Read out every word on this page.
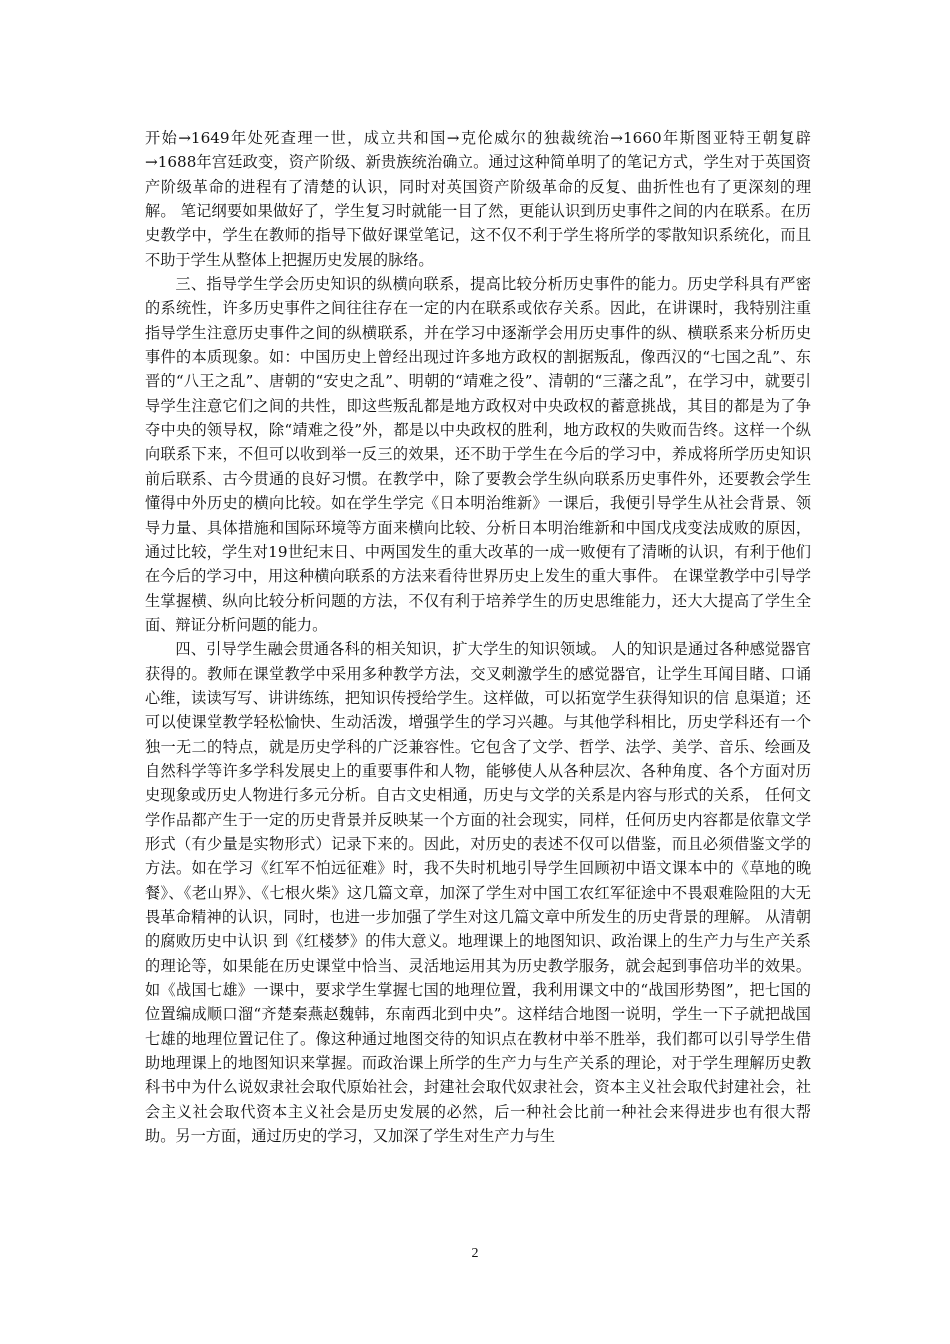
开始→1649年处死查理一世，成立共和国→克伦威尔的独裁统治→1660年斯图亚特王朝复辟→1688年宫廷政变，资产阶级、新贵族统治确立。通过这种简单明了的笔记方式，学生对于英国资产阶级革命的进程有了清楚的认识，同时对英国资产阶级革命的反复、曲折性也有了更深刻的理解。 笔记纲要如果做好了，学生复习时就能一目了然，更能认识到历史事件之间的内在联系。在历史教学中，学生在教师的指导下做好课堂笔记，这不仅不利于学生将所学的零散知识系统化，而且不助于学生从整体上把握历史发展的脉络。

三、指导学生学会历史知识的纵横向联系，提高比较分析历史事件的能力。历史学科具有严密的系统性，许多历史事件之间往往存在一定的内在联系或依存关系。因此，在讲课时，我特别注重指导学生注意历史事件之间的纵横联系，并在学习中逐渐学会用历史事件的纵、横联系来分析历史事件的本质现象。如：中国历史上曾经出现过许多地方政权的割据叛乱，像西汉的“七国之乱”、东晋的“八王之乱”、唐朝的“安史之乱”、明朝的“靖难之役”、清朝的“三藩之乱”，在学习中，就要引导学生注意它们之间的共性，即这些叛乱都是地方政权对中央政权的蓄意挑战，其目的都是为了争夺中央的领导权，除“靖难之役”外，都是以中央政权的胜利，地方政权的失败而告终。这样一个纵向联系下来，不但可以收到举一反三的效果，还不助于学生在今后的学习中，养成将所学历史知识前后联系、古今贯通的良好习惯。在教学中，除了要教会学生纵向联系历史事件外，还要教会学生懂得中外历史的横向比较。如在学生学完《日本明治维新》一课后，我便引导学生从社会背景、领导力量、具体措施和国际环境等方面来横向比较、分析日本明治维新和中国戊戌变法成败的原因，通过比较，学生对19世纪末日、中两国发生的重大改革的一成一败便有了清晰的认识，有利于他们在今后的学习中，用这种横向联系的方法来看待世界历史上发生的重大事件。 在课堂教学中引导学生掌握横、纵向比较分析问题的方法，不仅有利于培养学生的历史思维能力，还大大提高了学生全面、辩证分析问题的能力。

四、引导学生融会贯通各科的相关知识，扩大学生的知识领域。 人的知识是通过各种感觉器官获得的。教师在课堂教学中采用多种教学方法，交叉刺激学生的感觉器官，让学生耳闻目睹、口诵心维，读读写写、讲讲练练，把知识传授给学生。这样做，可以拓宽学生获得知识的信 息渠道；还可以使课堂教学轻松愉快、生动活泼，增强学生的学习兴趣。与其他学科相比，历史学科还有一个独一无二的特点，就是历史学科的广泛兼容性。它包含了文学、哲学、法学、美学、音乐、绘画及自然科学等许多学科发展史上的重要事件和人物，能够使人从各种层次、各种角度、各个方面对历史现象或历史人物进行多元分析。自古文史相通，历史与文学的关系是内容与形式的关系， 任何文学作品都产生于一定的历史背景并反映某一个方面的社会现实，同样，任何历史内容都是依靠文学形式（有少量是实物形式）记录下来的。因此，对历史的表述不仅可以借鉴，而且必须借鉴文学的方法。如在学习《红军不怕远征难》时，我不失时机地引导学生回顾初中语文课本中的《草地的晚餐》、《老山界》、《七根火柴》这几篇文章，加深了学生对中国工农红军征途中不畏艰难险阻的大无畏革命精神的认识，同时，也进一步加强了学生对这几篇文章中所发生的历史背景的理解。 从清朝的腐败历史中认识 到《红楼梦》的伟大意义。地理课上的地图知识、政治课上的生产力与生产关系的理论等，如果能在历史课堂中恰当、灵活地运用其为历史教学服务，就会起到事倍功半的效果。如《战国七雄》一课中，要求学生掌握七国的地理位置，我利用课文中的“战国形势图”，把七国的位置编成顺口溜“齐楚秦燕赵魏韩，东南西北到中央”。这样结合地图一说明，学生一下子就把战国七雄的地理位置记住了。像这种通过地图交待的知识点在教材中举不胜举，我们都可以引导学生借助地理课上的地图知识来掌握。而政治课上所学的生产力与生产关系的理论，对于学生理解历史教科书中为什么说奴隶社会取代原始社会，封建社会取代奴隶社会，资本主义社会取代封建社会，社会主义社会取代资本主义社会是历史发展的必然，后一种社会比前一种社会来得进步也有很大帮助。另一方面，通过历史的学习，又加深了学生对生产力与生

2
